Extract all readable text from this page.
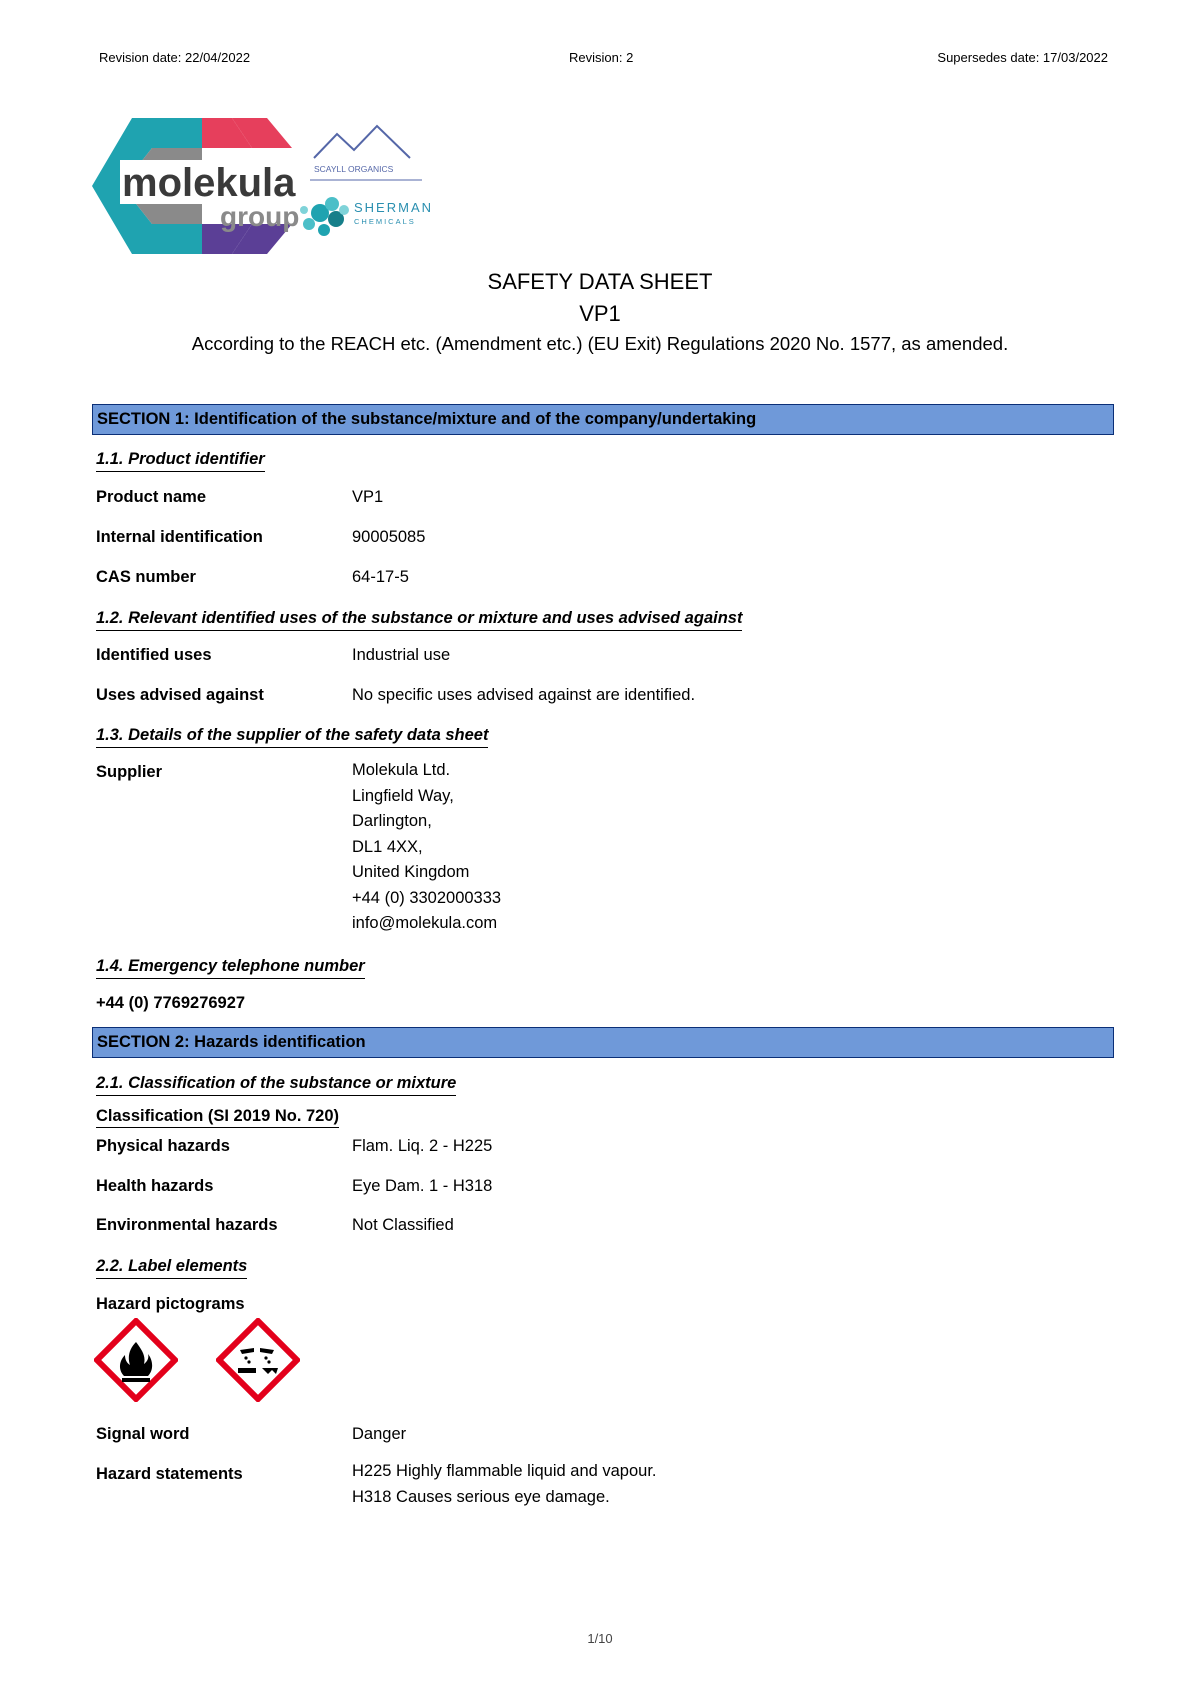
Revision date: 22/04/2022	Revision: 2	Supersedes date: 17/03/2022
molekula
group
SCAYLL ORGANICS
SHERMAN
CHEMICALS
SAFETY DATA SHEET
VP1
According to the REACH etc. (Amendment etc.) (EU Exit) Regulations 2020 No. 1577, as amended.
SECTION 1: Identification of the substance/mixture and of the company/undertaking
1.1. Product identifier
Product name	VP1
Internal identification	90005085
CAS number	64-17-5
1.2. Relevant identified uses of the substance or mixture and uses advised against
Identified uses	Industrial use
Uses advised against	No specific uses advised against are identified.
1.3. Details of the supplier of the safety data sheet
Supplier	Molekula Ltd.
Lingfield Way,
Darlington,
DL1 4XX,
United Kingdom
+44 (0) 3302000333
info@molekula.com
1.4. Emergency telephone number
+44 (0) 7769276927
SECTION 2: Hazards identification
2.1. Classification of the substance or mixture
Classification (SI 2019 No. 720)
Physical hazards	Flam. Liq. 2 - H225
Health hazards	Eye Dam. 1 - H318
Environmental hazards	Not Classified
2.2. Label elements
Hazard pictograms
Signal word	Danger
Hazard statements	H225 Highly flammable liquid and vapour.
H318 Causes serious eye damage.
1/10
